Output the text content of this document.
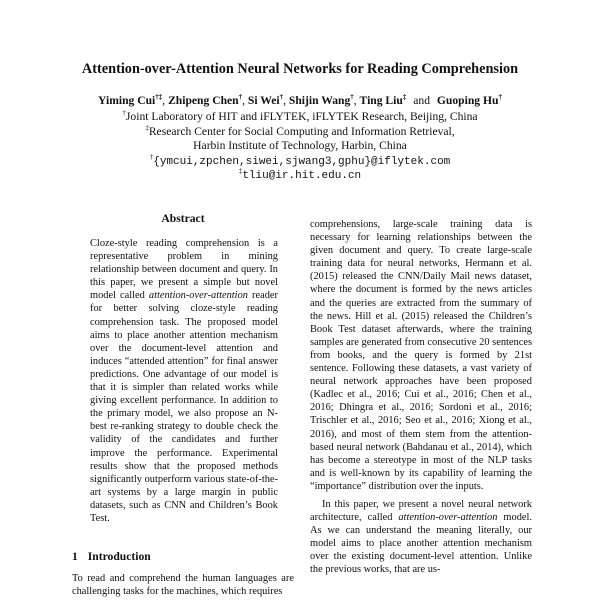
Attention-over-Attention Neural Networks for Reading Comprehension
Yiming Cui†‡, Zhipeng Chen†, Si Wei†, Shijin Wang†, Ting Liu‡ and Guoping Hu†
†Joint Laboratory of HIT and iFLYTEK, iFLYTEK Research, Beijing, China
‡Research Center for Social Computing and Information Retrieval,
Harbin Institute of Technology, Harbin, China
†{ymcui,zpchen,siwei,sjwang3,gphu}@iflytek.com
‡tliu@ir.hit.edu.cn
Abstract

Cloze-style reading comprehension is a representative problem in mining relationship between document and query. In this paper, we present a simple but novel model called attention-over-attention reader for better solving cloze-style reading comprehension task. The proposed model aims to place another attention mechanism over the document-level attention and induces “attended attention” for final answer predictions. One advantage of our model is that it is simpler than related works while giving excellent performance. In addition to the primary model, we also propose an N-best re-ranking strategy to double check the validity of the candidates and further improve the performance. Experimental results show that the proposed methods significantly outperform various state-of-the-art systems by a large margin in public datasets, such as CNN and Children’s Book Test.

1 Introduction

To read and comprehend the human languages are challenging tasks for the machines, which requires

comprehensions, large-scale training data is necessary for learning relationships between the given document and query. To create large-scale training data for neural networks, Hermann et al. (2015) released the CNN/Daily Mail news dataset, where the document is formed by the news articles and the queries are extracted from the summary of the news. Hill et al. (2015) released the Children’s Book Test dataset afterwards, where the training samples are generated from consecutive 20 sentences from books, and the query is formed by 21st sentence. Following these datasets, a vast variety of neural network approaches have been proposed (Kadlec et al., 2016; Cui et al., 2016; Chen et al., 2016; Dhingra et al., 2016; Sordoni et al., 2016; Trischler et al., 2016; Seo et al., 2016; Xiong et al., 2016), and most of them stem from the attention-based neural network (Bahdanau et al., 2014), which has become a stereotype in most of the NLP tasks and is well-known by its capability of learning the “importance” distribution over the inputs.

In this paper, we present a novel neural network architecture, called attention-over-attention model. As we can understand the meaning literally, our model aims to place another attention mechanism over the existing document-level attention. Unlike the previous works, that are us-
